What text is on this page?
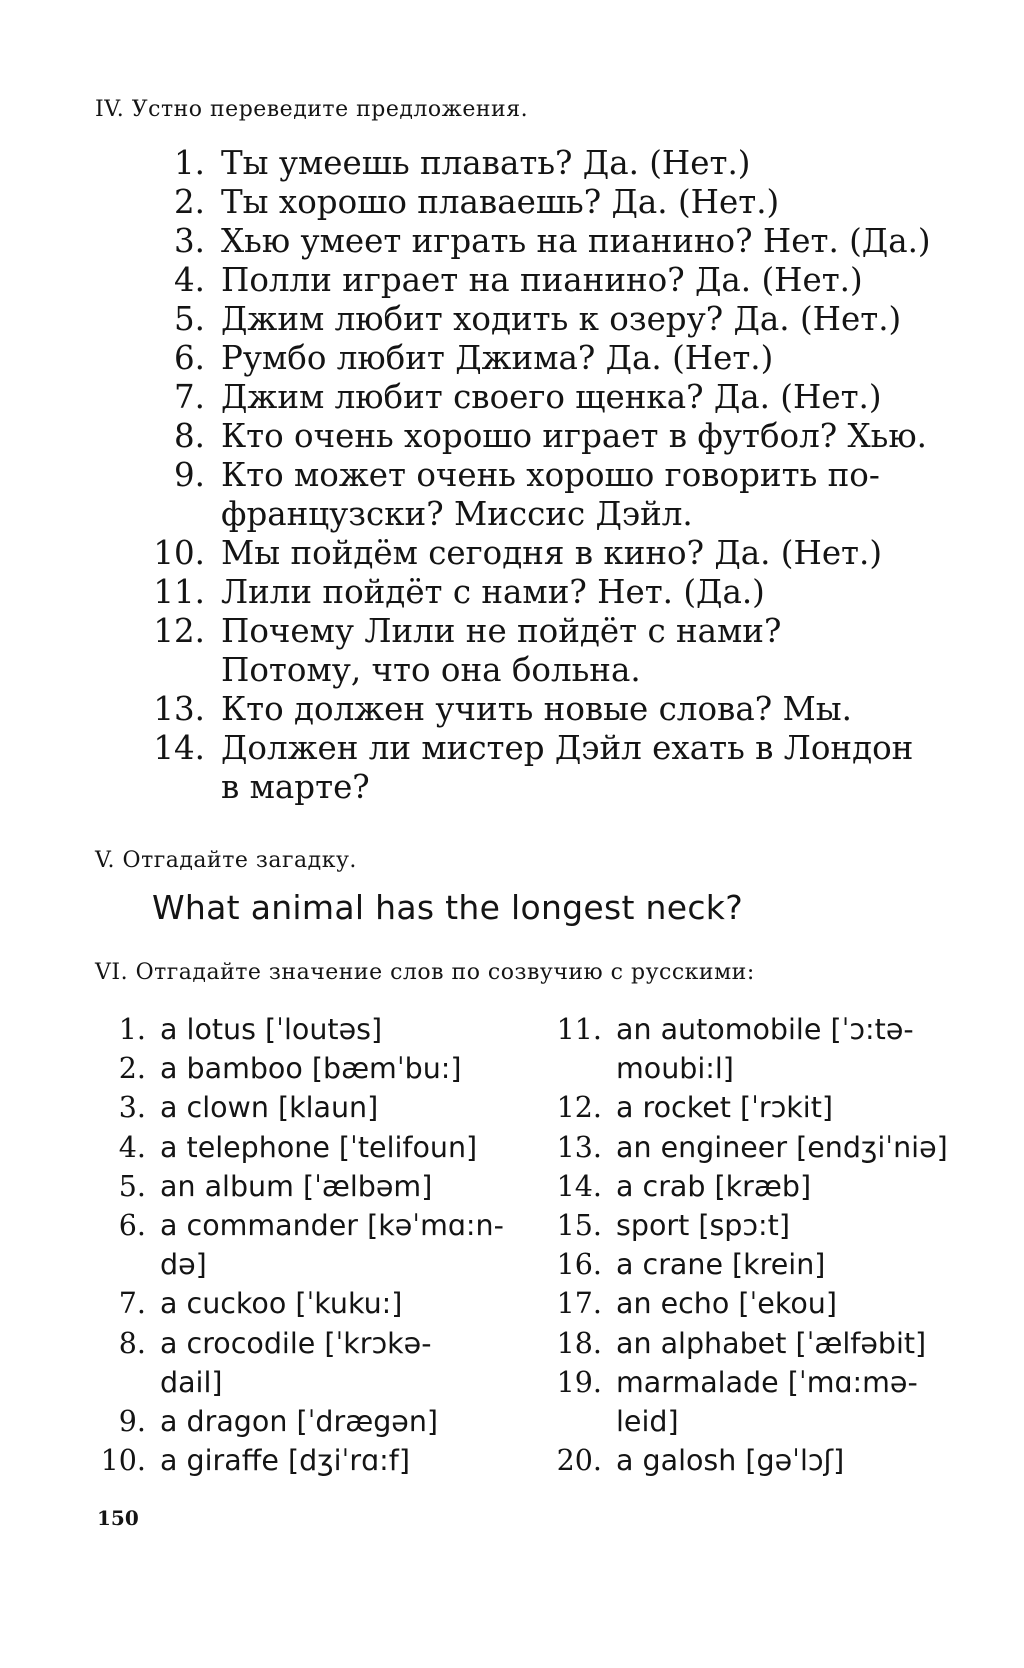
IV. Устно переведите предложения.
1. Ты умеешь плавать? Да. (Нет.)
2. Ты хорошо плаваешь? Да. (Нет.)
3. Хью умеет играть на пианино? Нет. (Да.)
4. Полли играет на пианино? Да. (Нет.)
5. Джим любит ходить к озеру? Да. (Нет.)
6. Румбо любит Джима? Да. (Нет.)
7. Джим любит своего щенка? Да. (Нет.)
8. Кто очень хорошо играет в футбол? Хью.
9. Кто может очень хорошо говорить по-
французски? Миссис Дэйл.
10. Мы пойдём сегодня в кино? Да. (Нет.)
11. Лили пойдёт с нами? Нет. (Да.)
12. Почему Лили не пойдёт с нами?
Потому, что она больна.
13. Кто должен учить новые слова? Мы.
14. Должен ли мистер Дэйл ехать в Лондон
в марте?
V. Отгадайте загадку.
What animal has the longest neck?
VI. Отгадайте значение слов по созвучию с русскими:
1. a lotus [ˈloutəs]
2. a bamboo [bæmˈbu:]
3. a clown [klaun]
4. a telephone [ˈtelifoun]
5. an album [ˈælbəm]
6. a commander [kəˈmɑ:n-
də]
7. a cuckoo [ˈkuku:]
8. a crocodile [ˈkrɔkə-
dail]
9. a dragon [ˈdrægən]
10. a giraffe [dʒiˈrɑ:f]
11. an automobile [ˈɔ:tə-
moubi:l]
12. a rocket [ˈrɔkit]
13. an engineer [endʒiˈniə]
14. a crab [kræb]
15. sport [spɔ:t]
16. a crane [krein]
17. an echo [ˈekou]
18. an alphabet [ˈælfəbit]
19. marmalade [ˈmɑ:mə-
leid]
20. a galosh [gəˈlɔʃ]
150
